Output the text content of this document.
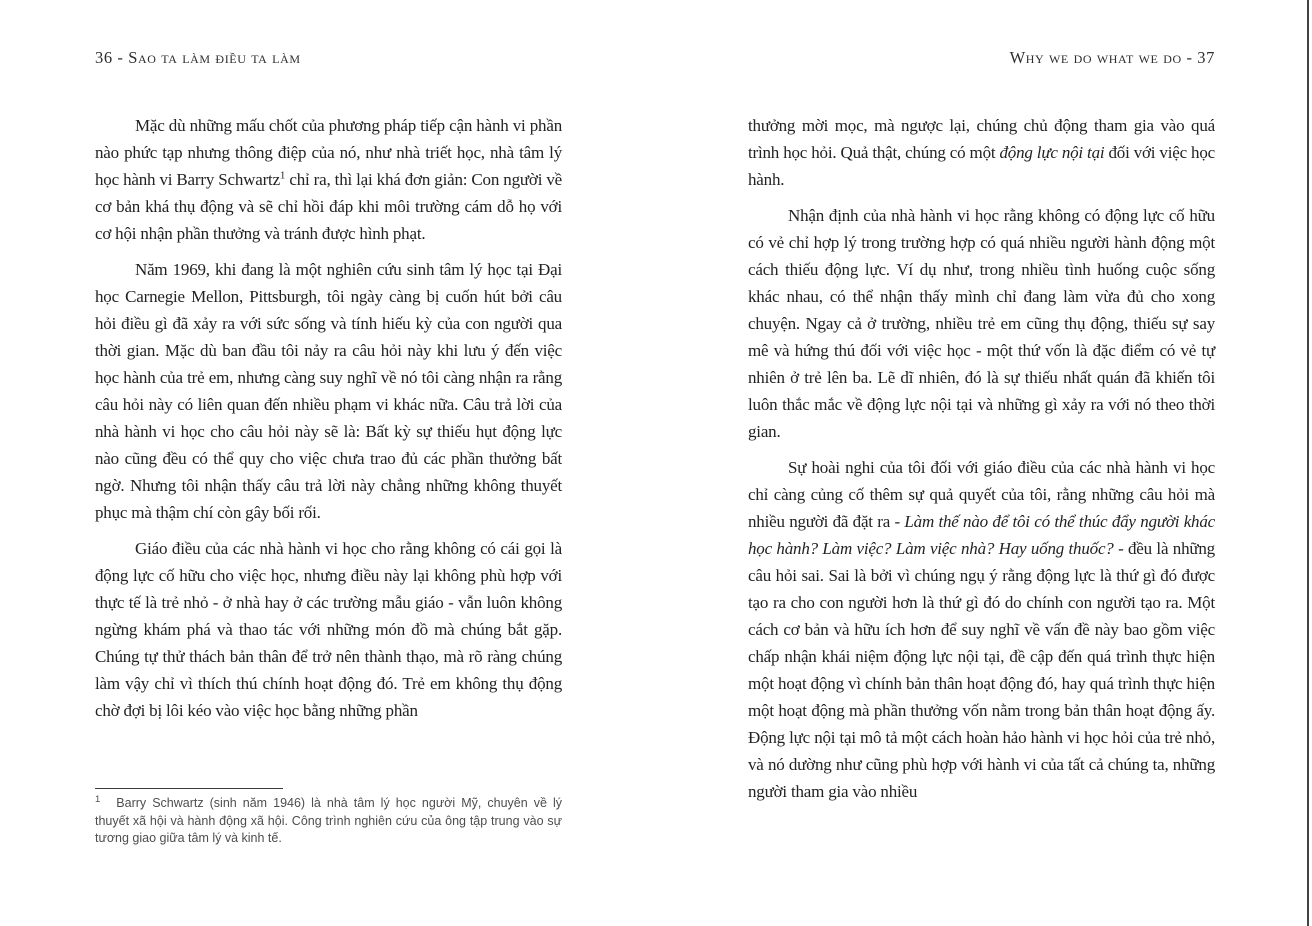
36 - Sao ta làm điều ta làm

Mặc dù những mấu chốt của phương pháp tiếp cận hành vi phần nào phức tạp nhưng thông điệp của nó, như nhà triết học, nhà tâm lý học hành vi Barry Schwartz$^1$ chỉ ra, thì lại khá đơn giản: Con người về cơ bản khá thụ động và sẽ chỉ hồi đáp khi môi trường cám dỗ họ với cơ hội nhận phần thưởng và tránh được hình phạt.

Năm 1969, khi đang là một nghiên cứu sinh tâm lý học tại Đại học Carnegie Mellon, Pittsburgh, tôi ngày càng bị cuốn hút bởi câu hỏi điều gì đã xảy ra với sức sống và tính hiếu kỳ của con người qua thời gian. Mặc dù ban đầu tôi nảy ra câu hỏi này khi lưu ý đến việc học hành của trẻ em, nhưng càng suy nghĩ về nó tôi càng nhận ra rằng câu hỏi này có liên quan đến nhiều phạm vi khác nữa. Câu trả lời của nhà hành vi học cho câu hỏi này sẽ là: Bất kỳ sự thiếu hụt động lực nào cũng đều có thể quy cho việc chưa trao đủ các phần thưởng bất ngờ. Nhưng tôi nhận thấy câu trả lời này chẳng những không thuyết phục mà thậm chí còn gây bối rối.

Giáo điều của các nhà hành vi học cho rằng không có cái gọi là động lực cố hữu cho việc học, nhưng điều này lại không phù hợp với thực tế là trẻ nhỏ - ở nhà hay ở các trường mẫu giáo - vẫn luôn không ngừng khám phá và thao tác với những món đồ mà chúng bắt gặp. Chúng tự thử thách bản thân để trở nên thành thạo, mà rõ ràng chúng làm vậy chỉ vì thích thú chính hoạt động đó. Trẻ em không thụ động chờ đợi bị lôi kéo vào việc học bằng những phần

Why we do what we do - 37

thưởng mời mọc, mà ngược lại, chúng chủ động tham gia vào quá trình học hỏi. Quả thật, chúng có một động lực nội tại đối với việc học hành.

Nhận định của nhà hành vi học rằng không có động lực cố hữu có vẻ chỉ hợp lý trong trường hợp có quá nhiều người hành động một cách thiếu động lực. Ví dụ như, trong nhiều tình huống cuộc sống khác nhau, có thể nhận thấy mình chỉ đang làm vừa đủ cho xong chuyện. Ngay cả ở trường, nhiều trẻ em cũng thụ động, thiếu sự say mê và hứng thú đối với việc học - một thứ vốn là đặc điểm có vẻ tự nhiên ở trẻ lên ba. Lẽ dĩ nhiên, đó là sự thiếu nhất quán đã khiến tôi luôn thắc mắc về động lực nội tại và những gì xảy ra với nó theo thời gian.

Sự hoài nghi của tôi đối với giáo điều của các nhà hành vi học chỉ càng củng cố thêm sự quả quyết của tôi, rằng những câu hỏi mà nhiều người đã đặt ra - Làm thế nào để tôi có thể thúc đẩy người khác học hành? Làm việc? Làm việc nhà? Hay uống thuốc? - đều là những câu hỏi sai. Sai là bởi vì chúng ngụ ý rằng động lực là thứ gì đó được tạo ra cho con người hơn là thứ gì đó do chính con người tạo ra. Một cách cơ bản và hữu ích hơn để suy nghĩ về vấn đề này bao gồm việc chấp nhận khái niệm động lực nội tại, đề cập đến quá trình thực hiện một hoạt động vì chính bản thân hoạt động đó, hay quá trình thực hiện một hoạt động mà phần thưởng vốn nằm trong bản thân hoạt động ấy. Động lực nội tại mô tả một cách hoàn hảo hành vi học hỏi của trẻ nhỏ, và nó dường như cũng phù hợp với hành vi của tất cả chúng ta, những người tham gia vào nhiều

$^1$ Barry Schwartz (sinh năm 1946) là nhà tâm lý học người Mỹ, chuyên về lý thuyết xã hội và hành động xã hội. Công trình nghiên cứu của ông tập trung vào sự tương giao giữa tâm lý và kinh tế.
